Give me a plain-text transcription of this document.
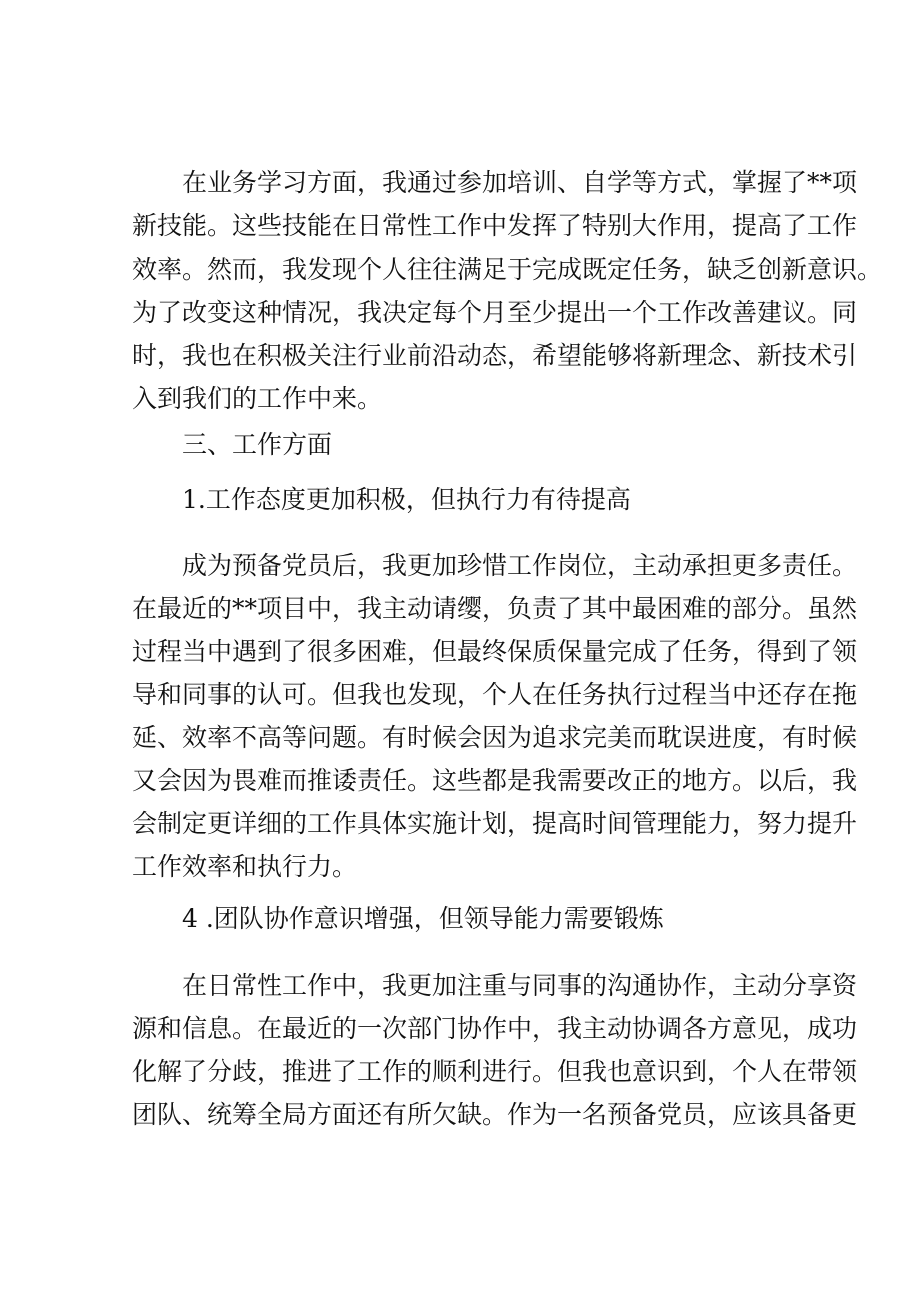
在业务学习方面，我通过参加培训、自学等方式，掌握了**项
新技能。这些技能在日常性工作中发挥了特别大作用，提高了工作
效率。然而，我发现个人往往满足于完成既定任务，缺乏创新意识。
为了改变这种情况，我决定每个月至少提出一个工作改善建议。同
时，我也在积极关注行业前沿动态，希望能够将新理念、新技术引
入到我们的工作中来。
三、工作方面
1.工作态度更加积极，但执行力有待提高
成为预备党员后，我更加珍惜工作岗位，主动承担更多责任。
在最近的**项目中，我主动请缨，负责了其中最困难的部分。虽然
过程当中遇到了很多困难，但最终保质保量完成了任务，得到了领
导和同事的认可。但我也发现，个人在任务执行过程当中还存在拖
延、效率不高等问题。有时候会因为追求完美而耽误进度，有时候
又会因为畏难而推诿责任。这些都是我需要改正的地方。以后，我
会制定更详细的工作具体实施计划，提高时间管理能力，努力提升
工作效率和执行力。
4 .团队协作意识增强，但领导能力需要锻炼
在日常性工作中，我更加注重与同事的沟通协作，主动分享资
源和信息。在最近的一次部门协作中，我主动协调各方意见，成功
化解了分歧，推进了工作的顺利进行。但我也意识到，个人在带领
团队、统筹全局方面还有所欠缺。作为一名预备党员，应该具备更
